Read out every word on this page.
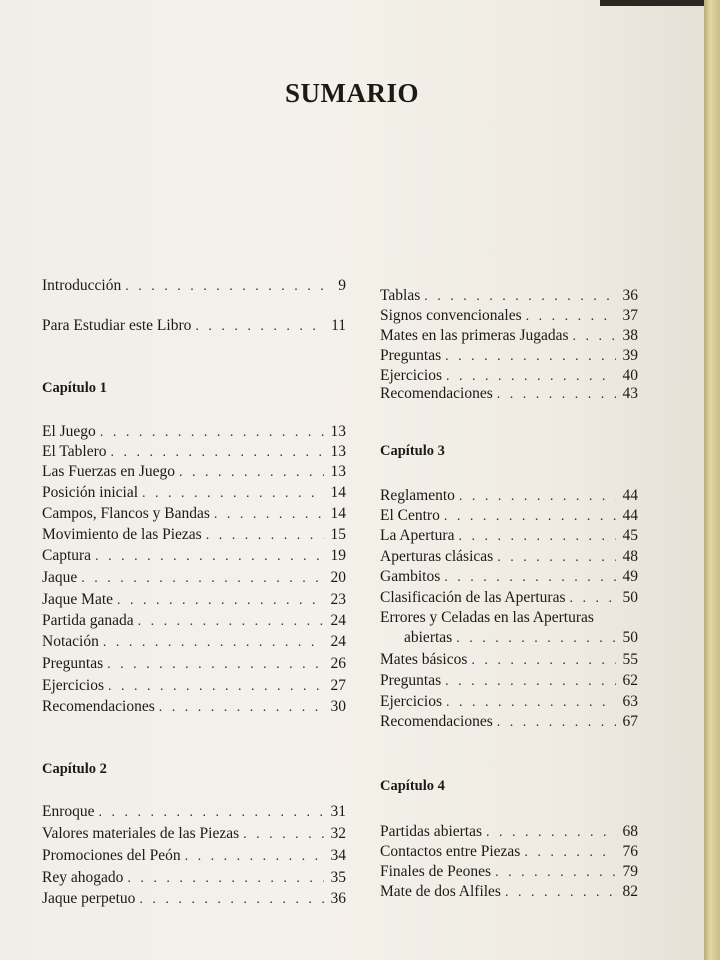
SUMARIO
Introducción . . .	9
Para Estudiar este Libro . . .	11
Capítulo 1
El Juego . . .	13
El Tablero . . .	13
Las Fuerzas en Juego . . .	13
Posición inicial . . .	14
Campos, Flancos y Bandas . . .	14
Movimiento de las Piezas . . .	15
Captura . . .	19
Jaque . . .	20
Jaque Mate . . .	23
Partida ganada . . .	24
Notación . . .	24
Preguntas . . .	26
Ejercicios . . .	27
Recomendaciones . . .	30
Capítulo 2
Enroque . . .	31
Valores materiales de las Piezas . . .	32
Promociones del Peón . . .	34
Rey ahogado . . .	35
Jaque perpetuo . . .	36
Tablas . . .	36
Signos convencionales . . .	37
Mates en las primeras Jugadas . . .	38
Preguntas . . .	39
Ejercicios . . .	40
Recomendaciones . . .	43
Capítulo 3
Reglamento . . .	44
El Centro . . .	44
La Apertura . . .	45
Aperturas clásicas . . .	48
Gambitos . . .	49
Clasificación de las Aperturas . . .	50
Errores y Celadas en las Aperturas
abiertas . . .	50
Mates básicos . . .	55
Preguntas . . .	62
Ejercicios . . .	63
Recomendaciones . . .	67
Capítulo 4
Partidas abiertas . . .	68
Contactos entre Piezas . . .	76
Finales de Peones . . .	79
Mate de dos Alfiles . . .	82
